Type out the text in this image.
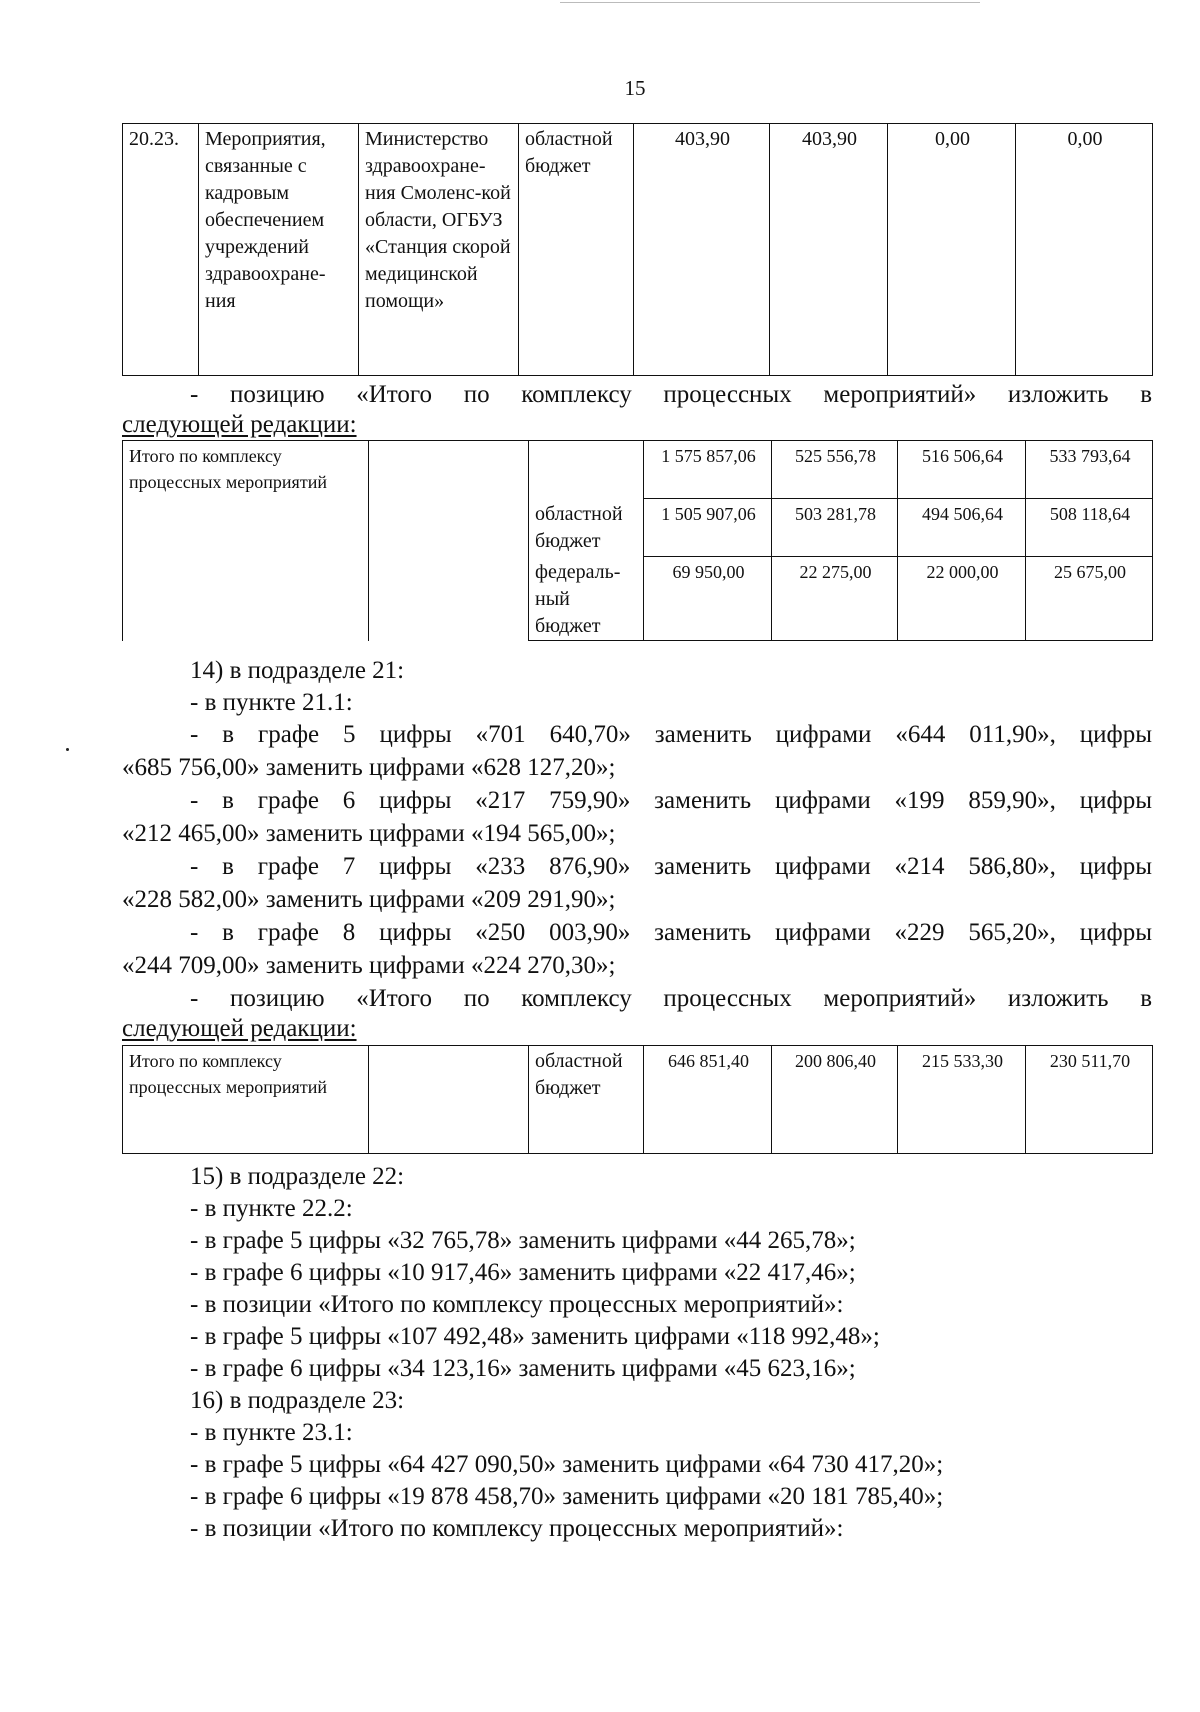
15
20.23.	Мероприятия, связанные с кадровым обеспечением учреждений здравоохране-ния	Министерство здравоохране-ния Смоленс-кой области, ОГБУЗ «Станция скорой медицинской помощи»	областной бюджет	403,90	403,90	0,00	0,00
- позицию «Итого по комплексу процессных мероприятий» изложить в
следующей редакции:
Итого по комплексу процессных мероприятий			1 575 857,06	525 556,78	516 506,64	533 793,64
		областной бюджет	1 505 907,06	503 281,78	494 506,64	508 118,64
		федераль-ный бюджет	69 950,00	22 275,00	22 000,00	25 675,00
14) в подразделе 21:
- в пункте 21.1:
- в графе 5 цифры «701 640,70» заменить цифрами «644 011,90», цифры
«685 756,00» заменить цифрами «628 127,20»;
- в графе 6 цифры «217 759,90» заменить цифрами «199 859,90», цифры
«212 465,00» заменить цифрами «194 565,00»;
- в графе 7 цифры «233 876,90» заменить цифрами «214 586,80», цифры
«228 582,00» заменить цифрами «209 291,90»;
- в графе 8 цифры «250 003,90» заменить цифрами «229 565,20», цифры
«244 709,00» заменить цифрами «224 270,30»;
- позицию «Итого по комплексу процессных мероприятий» изложить в
следующей редакции:
Итого по комплексу процессных мероприятий		областной бюджет	646 851,40	200 806,40	215 533,30	230 511,70
15) в подразделе 22:
- в пункте 22.2:
- в графе 5 цифры «32 765,78» заменить цифрами «44 265,78»;
- в графе 6 цифры «10 917,46» заменить цифрами «22 417,46»;
- в позиции «Итого по комплексу процессных мероприятий»:
- в графе 5 цифры «107 492,48» заменить цифрами «118 992,48»;
- в графе 6 цифры «34 123,16» заменить цифрами «45 623,16»;
16) в подразделе 23:
- в пункте 23.1:
- в графе 5 цифры «64 427 090,50» заменить цифрами «64 730 417,20»;
- в графе 6 цифры «19 878 458,70» заменить цифрами «20 181 785,40»;
- в позиции «Итого по комплексу процессных мероприятий»:
